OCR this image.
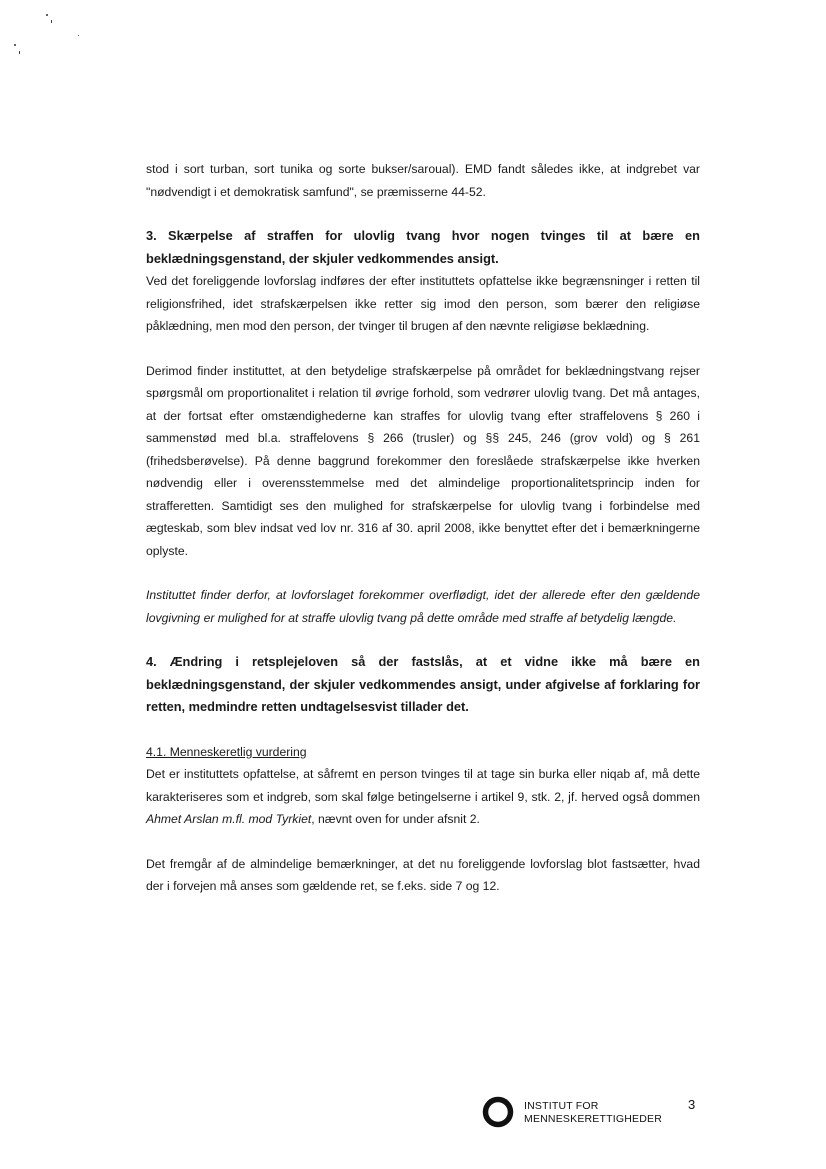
stod i sort turban, sort tunika og sorte bukser/saroual). EMD fandt således ikke, at indgrebet var "nødvendigt i et demokratisk samfund", se præmisserne 44-52.

3. Skærpelse af straffen for ulovlig tvang hvor nogen tvinges til at bære en beklædningsgenstand, der skjuler vedkommendes ansigt.

Ved det foreliggende lovforslag indføres der efter instituttets opfattelse ikke begrænsninger i retten til religionsfrihed, idet strafskærpelsen ikke retter sig imod den person, som bærer den religiøse påklædning, men mod den person, der tvinger til brugen af den nævnte religiøse beklædning.

Derimod finder instituttet, at den betydelige strafskærpelse på området for beklædningstvang rejser spørgsmål om proportionalitet i relation til øvrige forhold, som vedrører ulovlig tvang. Det må antages, at der fortsat efter omstændighederne kan straffes for ulovlig tvang efter straffelovens § 260 i sammenstød med bl.a. straffelovens § 266 (trusler) og §§ 245, 246 (grov vold) og § 261 (frihedsberøvelse). På denne baggrund forekommer den foreslåede strafskærpelse ikke hverken nødvendig eller i overensstemmelse med det almindelige proportionalitetsprincip inden for strafferetten. Samtidigt ses den mulighed for strafskærpelse for ulovlig tvang i forbindelse med ægteskab, som blev indsat ved lov nr. 316 af 30. april 2008, ikke benyttet efter det i bemærkningerne oplyste.

Instituttet finder derfor, at lovforslaget forekommer overflødigt, idet der allerede efter den gældende lovgivning er mulighed for at straffe ulovlig tvang på dette område med straffe af betydelig længde.

4. Ændring i retsplejeloven så der fastslås, at et vidne ikke må bære en beklædningsgenstand, der skjuler vedkommendes ansigt, under afgivelse af forklaring for retten, medmindre retten undtagelsesvist tillader det.

4.1. Menneskeretlig vurdering

Det er instituttets opfattelse, at såfremt en person tvinges til at tage sin burka eller niqab af, må dette karakteriseres som et indgreb, som skal følge betingelserne i artikel 9, stk. 2, jf. herved også dommen Ahmet Arslan m.fl. mod Tyrkiet, nævnt oven for under afsnit 2.

Det fremgår af de almindelige bemærkninger, at det nu foreliggende lovforslag blot fastsætter, hvad der i forvejen må anses som gældende ret, se f.eks. side 7 og 12.

INSTITUT FOR
MENNESKERETTIGHEDER
3
